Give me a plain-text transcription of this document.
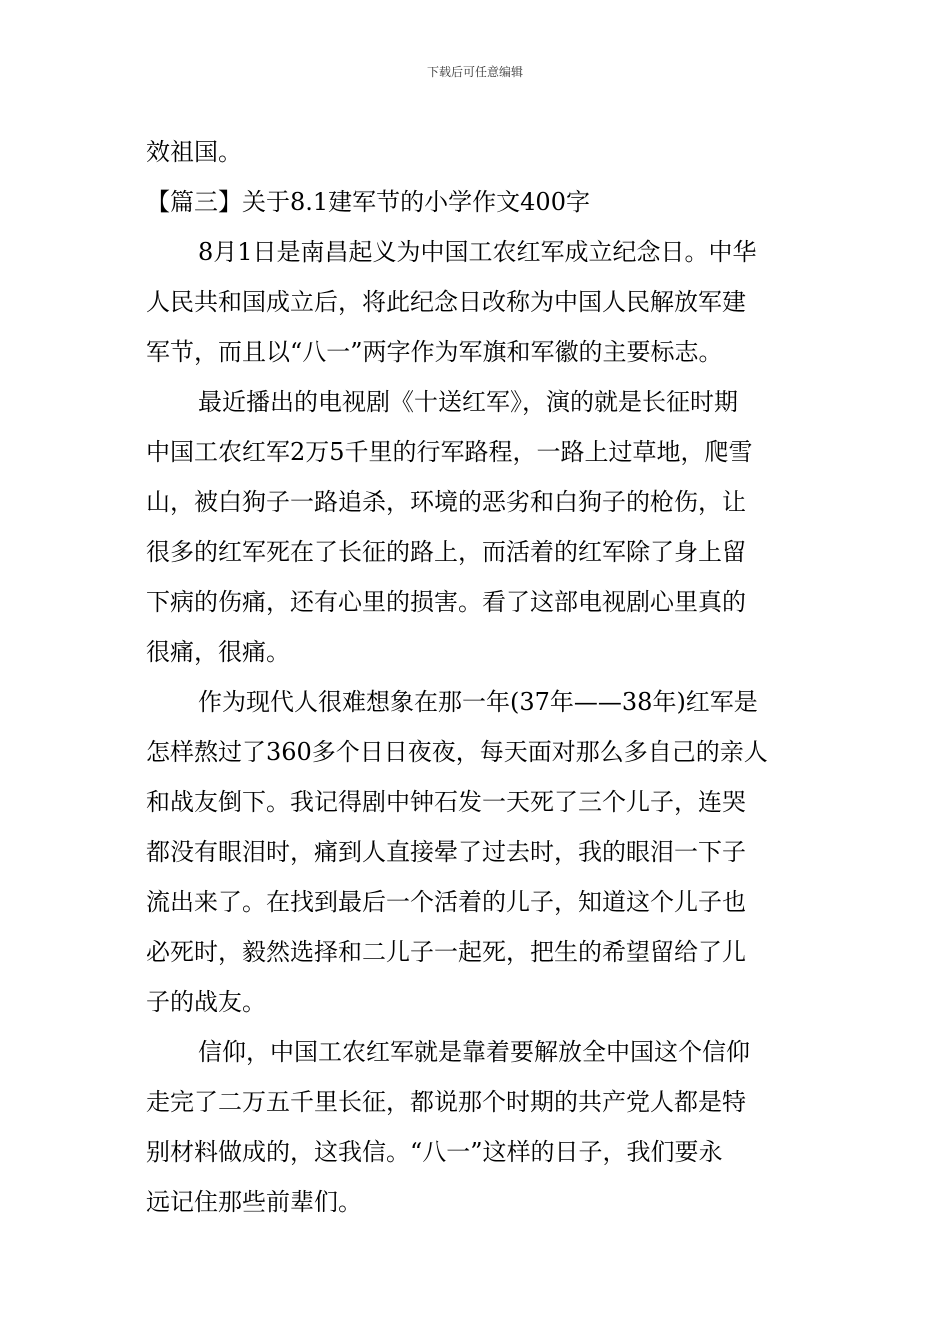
下载后可任意编辑

效祖国。

【篇三】关于8.1建军节的小学作文400字

8月1日是南昌起义为中国工农红军成立纪念日。中华
人民共和国成立后，将此纪念日改称为中国人民解放军建
军节，而且以“八一”两字作为军旗和军徽的主要标志。

最近播出的电视剧《十送红军》，演的就是长征时期
中国工农红军2万5千里的行军路程，一路上过草地，爬雪
山，被白狗子一路追杀，环境的恶劣和白狗子的枪伤，让
很多的红军死在了长征的路上，而活着的红军除了身上留
下病的伤痛，还有心里的损害。看了这部电视剧心里真的
很痛，很痛。

作为现代人很难想象在那一年(37年——38年)红军是
怎样熬过了360多个日日夜夜，每天面对那么多自己的亲人
和战友倒下。我记得剧中钟石发一天死了三个儿子，连哭
都没有眼泪时，痛到人直接晕了过去时，我的眼泪一下子
流出来了。在找到最后一个活着的儿子，知道这个儿子也
必死时，毅然选择和二儿子一起死，把生的希望留给了儿
子的战友。

信仰，中国工农红军就是靠着要解放全中国这个信仰
走完了二万五千里长征，都说那个时期的共产党人都是特
别材料做成的，这我信。“八一”这样的日子，我们要永
远记住那些前辈们。
